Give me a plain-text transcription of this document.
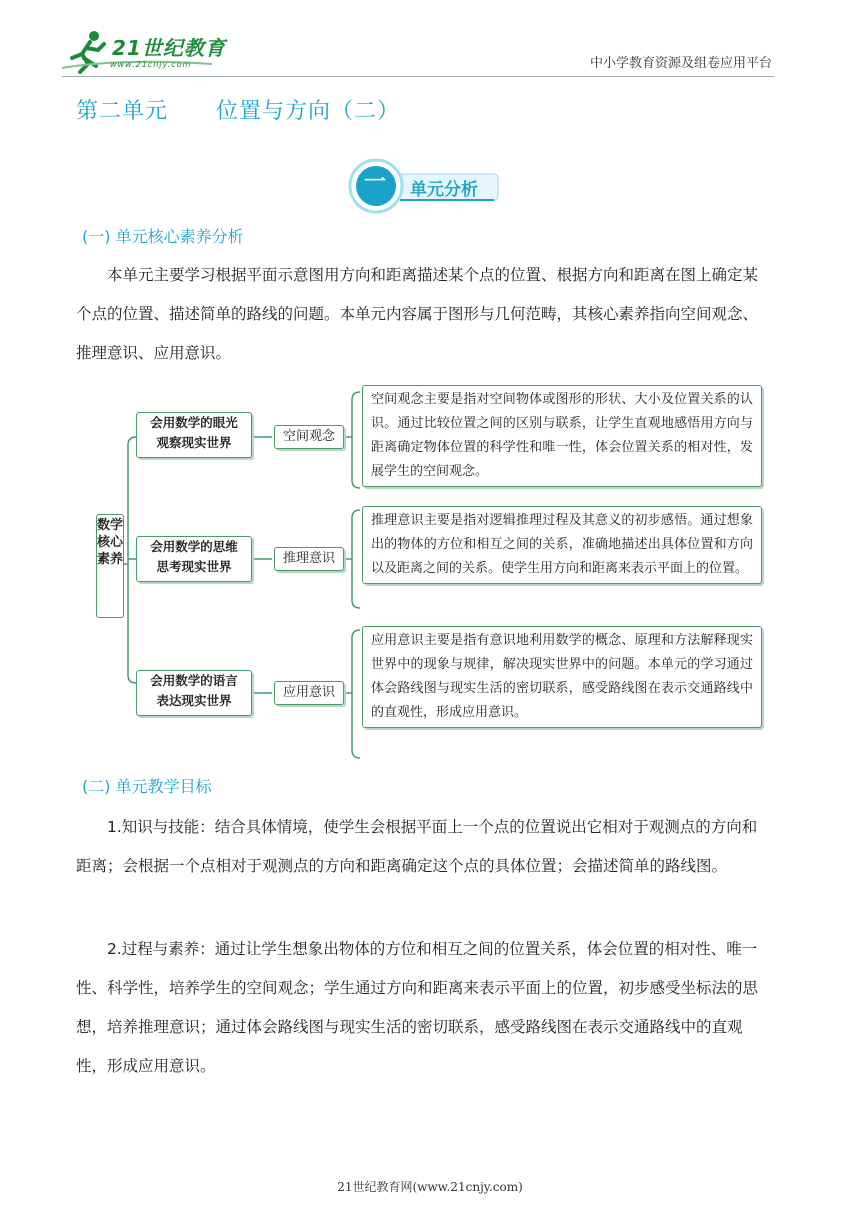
21世纪教育
www.21cnjy.com	中小学教育资源及组卷应用平台
第二单元 位置与方向（二）
一	单元分析
(一) 单元核心素养分析
本单元主要学习根据平面示意图用方向和距离描述某个点的位置、根据方向和距离在图上确定某个点的位置、描述简单的路线的问题。本单元内容属于图形与几何范畴，其核心素养指向空间观念、推理意识、应用意识。
数学核心素养
会用数学的眼光
观察现实世界	空间观念
空间观念主要是指对空间物体或图形的形状、大小及位置关系的认识。通过比较位置之间的区别与联系，让学生直观地感悟用方向与距离确定物体位置的科学性和唯一性，体会位置关系的相对性，发展学生的空间观念。
会用数学的思维
思考现实世界
推理意识
推理意识主要是指对逻辑推理过程及其意义的初步感悟。通过想象出的物体的方位和相互之间的关系，准确地描述出具体位置和方向以及距离之间的关系。使学生用方向和距离来表示平面上的位置。
会用数学的语言
表达现实世界
应用意识
应用意识主要是指有意识地利用数学的概念、原理和方法解释现实世界中的现象与规律，解决现实世界中的问题。本单元的学习通过体会路线图与现实生活的密切联系，感受路线图在表示交通路线中的直观性，形成应用意识。
(二) 单元教学目标
1.知识与技能：结合具体情境，使学生会根据平面上一个点的位置说出它相对于观测点的方向和距离；会根据一个点相对于观测点的方向和距离确定这个点的具体位置；会描述简单的路线图。
2.过程与素养：通过让学生想象出物体的方位和相互之间的位置关系，体会位置的相对性、唯一性、科学性，培养学生的空间观念；学生通过方向和距离来表示平面上的位置，初步感受坐标法的思想，培养推理意识；通过体会路线图与现实生活的密切联系，感受路线图在表示交通路线中的直观性，形成应用意识。
21世纪教育网(www.21cnjy.com)
